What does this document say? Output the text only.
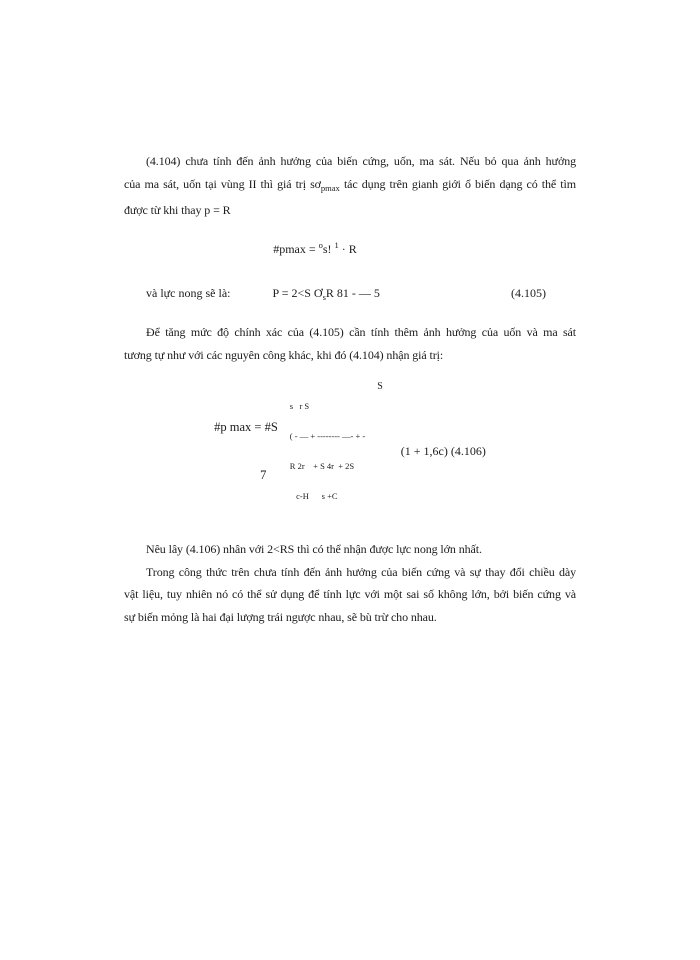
(4.104) chưa tính đến ảnh hưởng của biến cứng, uốn, ma sát. Nếu bỏ qua ảnh hưởng

của ma sát, uốn tại vùng II thì giá trị $sơ_{pmax}$ tác dụng trên gianh giới ổ biến dạng có thể tìm

được từ khi thay p = R

#pmax = $^o$s! $^1$ · R
và lực nong sẽ là:	P = 2<S $Ơ_sR$ 81 - — 5	(4.105)

Để tăng mức độ chính xác của (4.105) cần tính thêm ảnh hưởng của uốn và ma sát

tương tự như với các nguyên công khác, khi đó (4.104) nhận giá trị:

#p max = #S

7

s   r S

( - — + -------- —- + -

R 2r    + S 4r  + 2S

c-H      s +C

S
(1 + 1,6c) (4.106)

Nêu lây (4.106) nhân với 2<RS thì có thể nhận được lực nong lớn nhất.

Trong công thức trên chưa tính đến ảnh hưởng của biến cứng và sự thay đổi chiều dày

vật liệu, tuy nhiên nó có thể sử dụng để tính lực với một sai số không lớn, bởi biến cứng và

sự biến mỏng là hai đại lượng trái ngược nhau, sẽ bù trừ cho nhau.
